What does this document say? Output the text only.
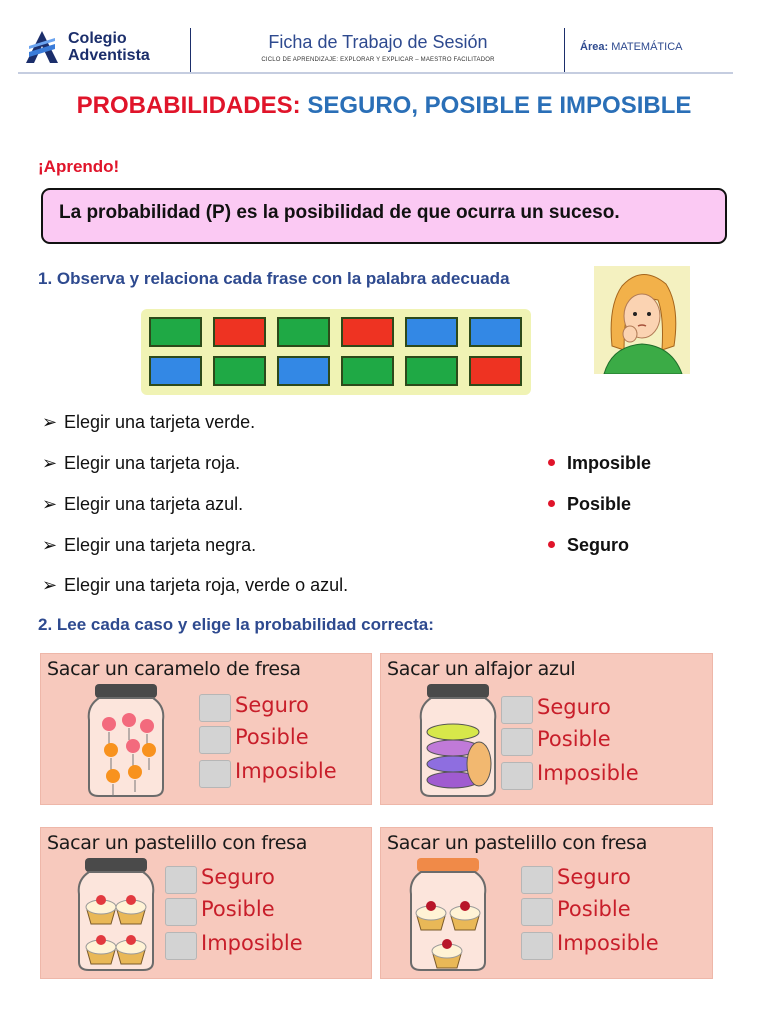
Colegio
Adventista
Ficha de Trabajo de Sesión
CICLO DE APRENDIZAJE: EXPLORAR Y EXPLICAR – MAESTRO FACILITADOR
Área: MATEMÁTICA
PROBABILIDADES: SEGURO, POSIBLE E IMPOSIBLE
¡Aprendo!
La probabilidad (P) es la posibilidad de que ocurra un suceso.
1. Observa y relaciona cada frase con la palabra adecuada
➢ Elegir una tarjeta verde.
➢ Elegir una tarjeta roja.
➢ Elegir una tarjeta azul.
➢ Elegir una tarjeta negra.
➢ Elegir una tarjeta roja, verde o azul.
Imposible
Posible
Seguro
2. Lee cada caso y elige la probabilidad correcta:
Sacar un caramelo de fresa
Seguro
Posible
Imposible
Sacar un alfajor azul
Seguro
Posible
Imposible
Sacar un pastelillo con fresa
Seguro
Posible
Imposible
Sacar un pastelillo con fresa
Seguro
Posible
Imposible
